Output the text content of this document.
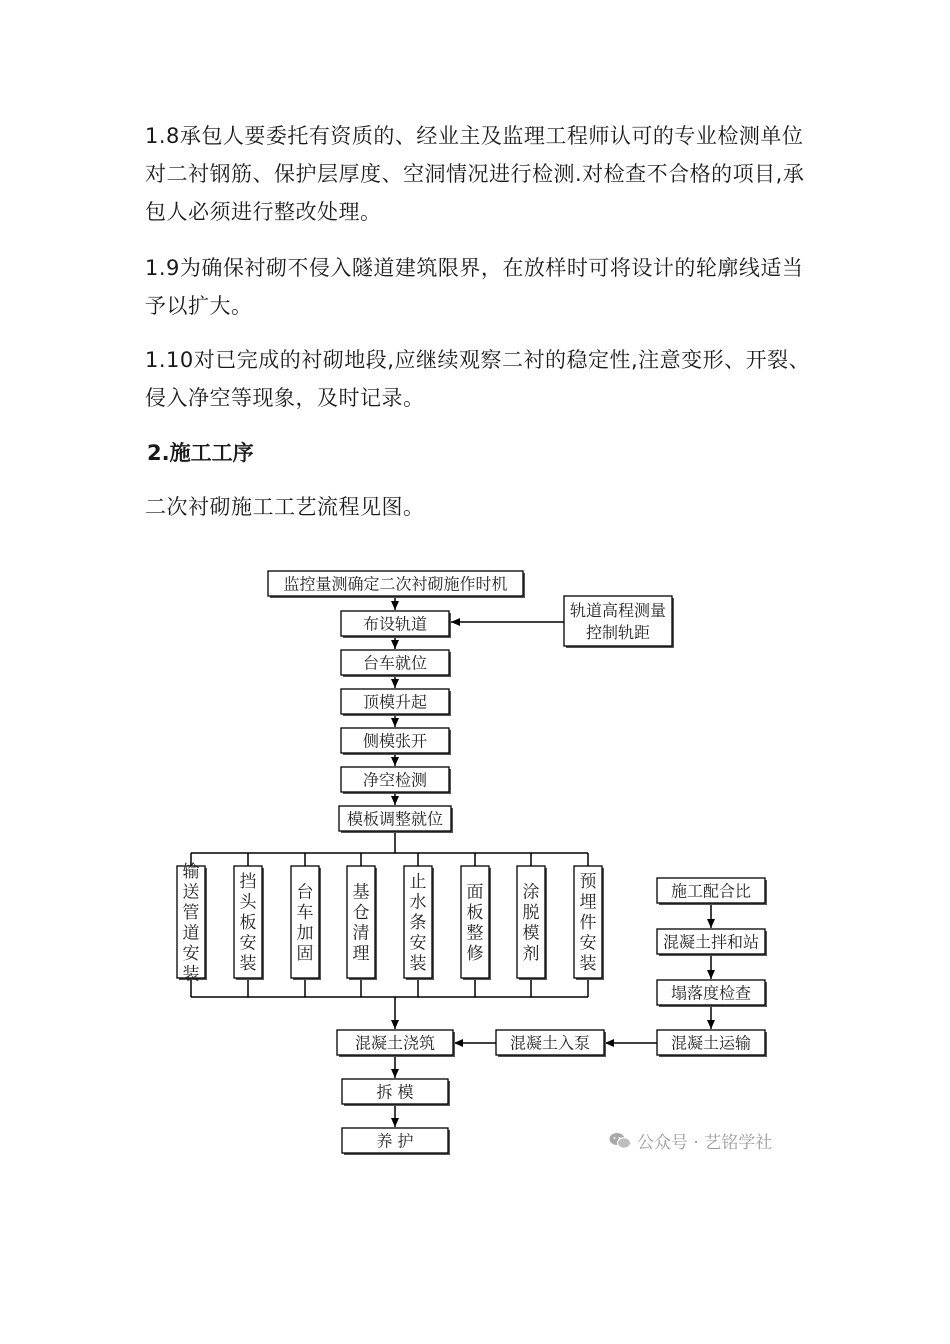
1.8承包人要委托有资质的、经业主及监理工程师认可的专业检测单位对二衬钢筋、保护层厚度、空洞情况进行检测.对检查不合格的项目,承包人必须进行整改处理。
1.9为确保衬砌不侵入隧道建筑限界，在放样时可将设计的轮廓线适当予以扩大。
1.10对已完成的衬砌地段,应继续观察二衬的稳定性,注意变形、开裂、侵入净空等现象，及时记录。
2.施工工序
二次衬砌施工工艺流程见图。
监控量测确定二次衬砌施作时机
布设轨道
台车就位
顶模升起
侧模张开
净空检测
模板调整就位
轨道高程测量
控制轨距
输
送
管
道
安
装
挡
头
板
安
装
台
车
加
固
基
仓
清
理
止
水
条
安
装
面
板
整
修
涂
脱
模
剂
预
埋
件
安
装
施工配合比
混凝土拌和站
塌落度检查
混凝土运输
混凝土入泵
混凝土浇筑
拆 模
养 护	公众号 · 艺铭学社
